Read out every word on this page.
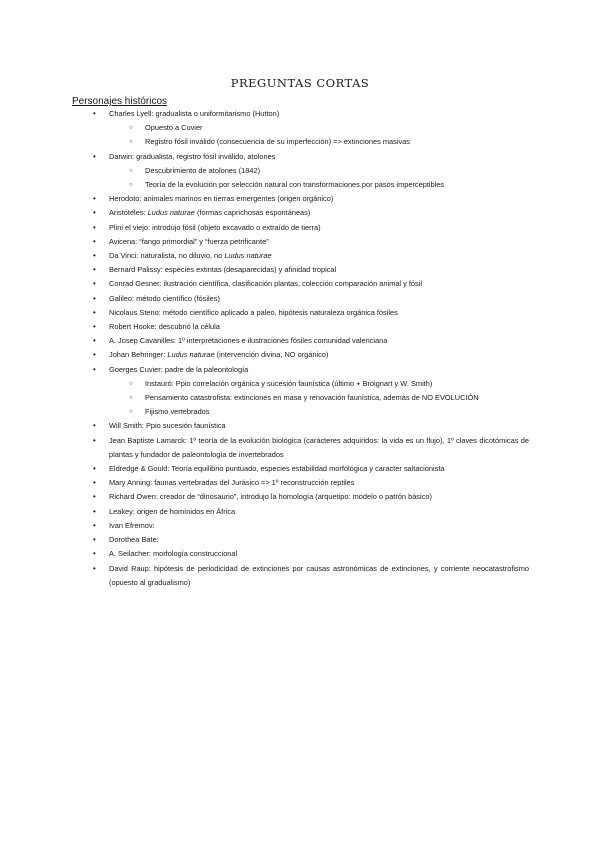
PREGUNTAS CORTAS
Personajes históricos
• Charles Lyell: gradualista o uniformitarismo (Hutton)
○ Opuesto a Cuvier
○ Registro fósil inválido (consecuencia de su imperfección) => extinciones masivas
• Darwin: gradualista, registro fósil inválido, atolones
○ Descubrimiento de atolones (1842)
○ Teoría de la evolución por selección natural con transformaciones por pasos imperceptibles
• Herodoto: animales marinos en tierras emergentes (origen orgánico)
• Aristóteles: Ludus naturae (formas caprichosas espontáneas)
• Plini el viejo: introdujo fósil (objeto excavado o extraído de tierra)
• Avicena: “fango primordial” y “fuerza petrificante”
• Da Vinci: naturalista, no diluvio, no Ludus naturae
• Bernard Palissy: especies extintas (desaparecidas) y afinidad tropical
• Conrad Gesner: ilustración científica, clasificación plantas, colección comparación animal y fósil
• Galileo: método científico (fósiles)
• Nicolaus Steno: método científico aplicado a paleo, hipótesis naturaleza orgánica fósiles
• Robert Hooke: descubrió la célula
• A. Josep Cavanilles: 1º interpretaciones e ilustraciones fósiles comunidad valenciana
• Johan Behringer: Ludus naturae (intervención divina, NO orgánico)
• Goerges Cuvier: padre de la paleontología
○ Instauró: Ppio correlación orgánica y sucesión faunística (último + Broignart y W. Smith)
○ Pensamiento catastrofista: extinciones en masa y renovación faunística, además de NO EVOLUCIÓN
○ Fijismo vertebrados
• Will Smith: Ppio sucesión faunística
• Jean Baptiste Lamarck: 1º teoría de la evolución biológica (carácteres adquiridos: la vida es un flujo), 1º claves dicotómicas de plantas y fundador de paleontología de invertebrados
• Eldredge & Gould: Teoría equilibrio puntuado, especies estabilidad morfológica y caracter saltacionista
• Mary Anning: faunas vertebradas del Jurásico => 1º reconstrucción reptiles
• Richard Owen: creador de “dinosaurio”, introdujo la homología (arquetipo: modelo o patrón básico)
• Leakey: origen de homínidos en África
• Ivan Efremov:
• Dorothea Bate:
• A. Seilacher: morfología construccional
• David Raup: hipótesis de periodicidad de extinciones por causas astronómicas de extinciones, y corriente neocatastrofismo (opuesto al gradualismo)
